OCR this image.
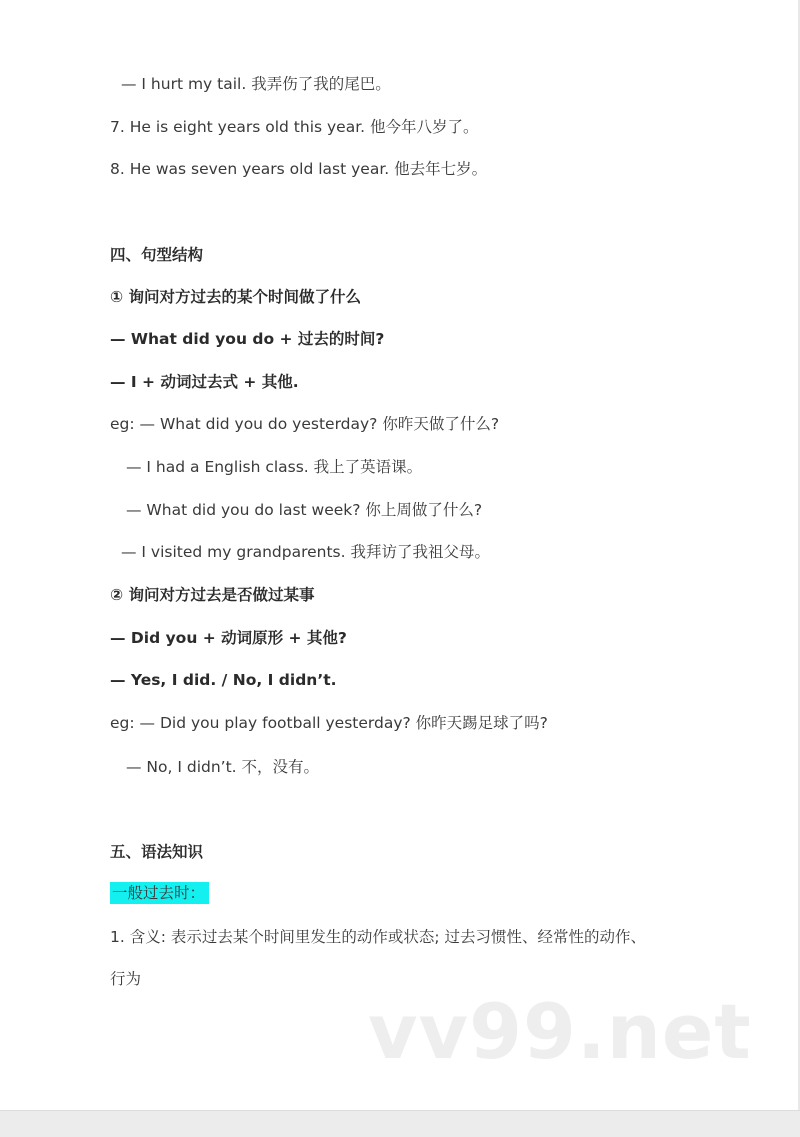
— I hurt my tail. 我弄伤了我的尾巴。
7. He is eight years old this year. 他今年八岁了。
8. He was seven years old last year. 他去年七岁。
四、句型结构
① 询问对方过去的某个时间做了什么
— What did you do + 过去的时间?
— I + 动词过去式 + 其他.
eg: — What did you do yesterday? 你昨天做了什么?
— I had a English class. 我上了英语课。
— What did you do last week? 你上周做了什么?
— I visited my grandparents. 我拜访了我祖父母。
② 询问对方过去是否做过某事
— Did you + 动词原形 + 其他?
— Yes, I did. / No, I didn’t.
eg: — Did you play football yesterday? 你昨天踢足球了吗?
— No, I didn’t. 不，没有。
五、语法知识
一般过去时：
1. 含义: 表示过去某个时间里发生的动作或状态; 过去习惯性、经常性的动作、
行为
vv99.net
